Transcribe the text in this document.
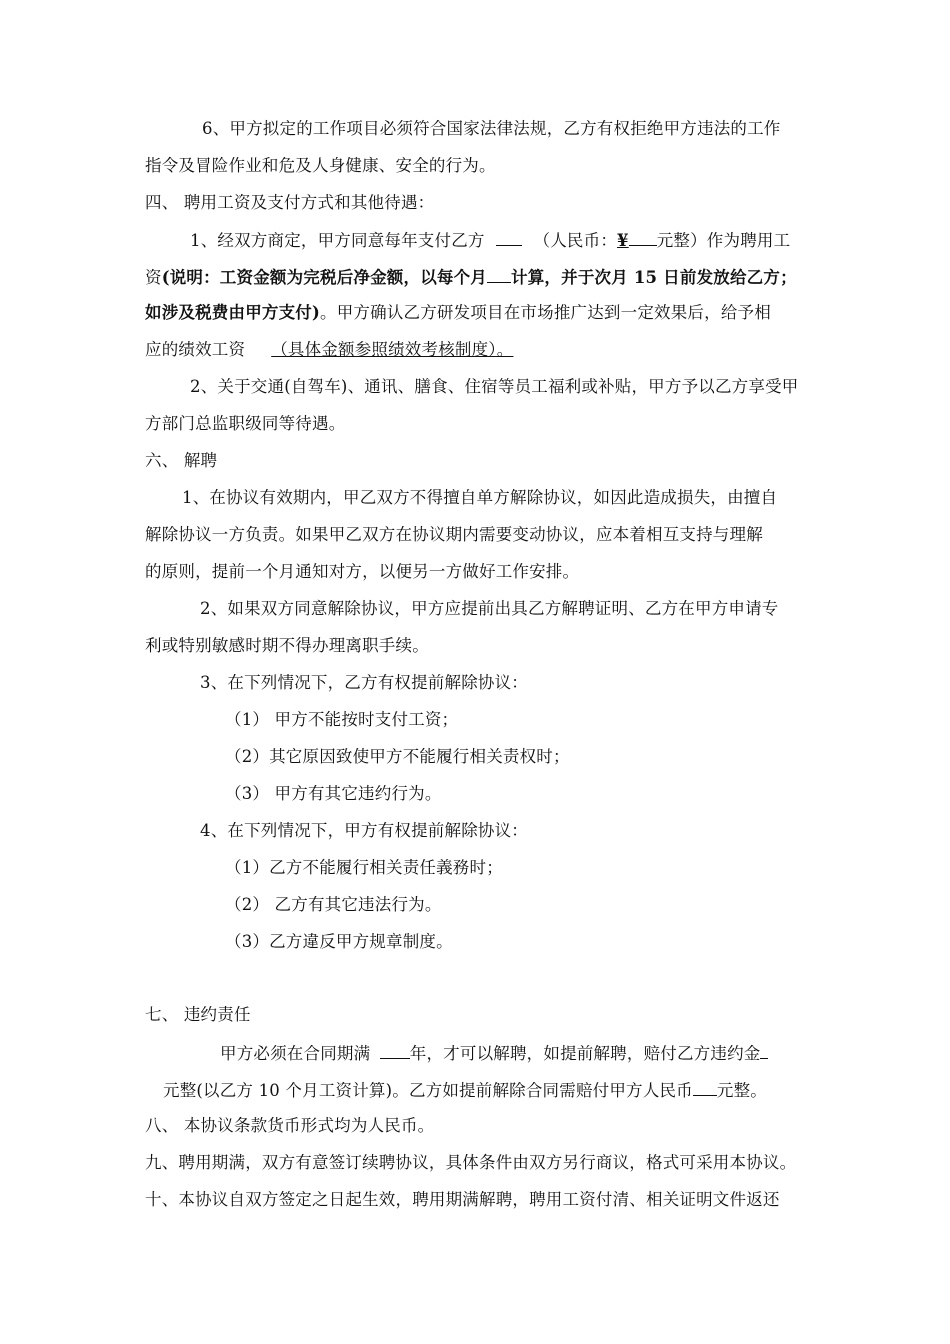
6、甲方拟定的工作项目必须符合国家法律法规，乙方有权拒绝甲方违法的工作
指令及冒险作业和危及人身健康、安全的行为。
四、 聘用工资及支付方式和其他待遇：
1、经双方商定，甲方同意每年支付乙方	（人民币：¥ 元整）作为聘用工
资(说明：工资金额为完税后净金额，以每个月 计算，并于次月 15 日前发放给乙方；
如涉及税费由甲方支付)。甲方确认乙方研发项目在市场推广达到一定效果后，给予相
应的绩效工资 （具体金额参照绩效考核制度）。
2、关于交通(自驾车)、通讯、膳食、住宿等员工福利或补贴，甲方予以乙方享受甲
方部门总监职级同等待遇。
六、 解聘
1、在协议有效期内，甲乙双方不得擅自单方解除协议，如因此造成损失，由擅自
解除协议一方负责。如果甲乙双方在协议期内需要变动协议，应本着相互支持与理解
的原则，提前一个月通知对方，以便另一方做好工作安排。
2、如果双方同意解除协议，甲方应提前出具乙方解聘证明、乙方在甲方申请专
利或特别敏感时期不得办理离职手续。
3、在下列情况下，乙方有权提前解除协议：
（1） 甲方不能按时支付工资；
（2）其它原因致使甲方不能履行相关责权时；
（3） 甲方有其它违约行为。
4、在下列情况下，甲方有权提前解除协议：
（1）乙方不能履行相关责任義務时；
（2） 乙方有其它违法行为。
（3）乙方違反甲方规章制度。
七、 违约责任
甲方必须在合同期满 年，才可以解聘，如提前解聘，赔付乙方违约金
元整(以乙方 10 个月工资计算)。乙方如提前解除合同需赔付甲方人民币 元整。
八、 本协议条款货币形式均为人民币。
九、聘用期满，双方有意签订续聘协议，具体条件由双方另行商议，格式可采用本协议。
十、本协议自双方签定之日起生效，聘用期满解聘，聘用工资付清、相关证明文件返还
